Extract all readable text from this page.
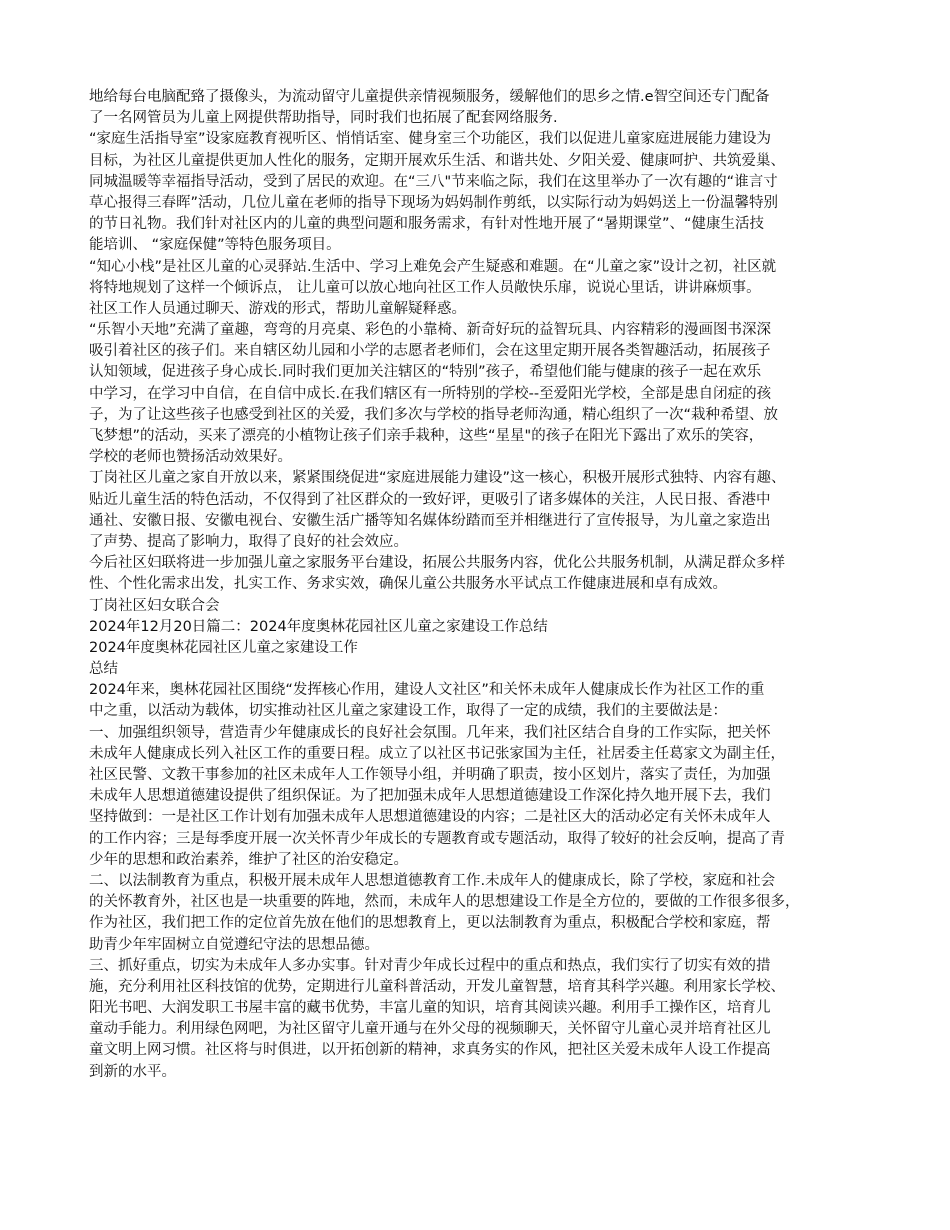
地给每台电脑配臵了摄像头，为流动留守儿童提供亲情视频服务，缓解他们的思乡之情.e智空间还专门配备
了一名网管员为儿童上网提供帮助指导，同时我们也拓展了配套网络服务.
“家庭生活指导室”设家庭教育视听区、悄悄话室、健身室三个功能区，我们以促进儿童家庭进展能力建设为
目标，为社区儿童提供更加人性化的服务，定期开展欢乐生活、和谐共处、夕阳关爱、健康呵护、共筑爱巢、
同城温暖等幸福指导活动，受到了居民的欢迎。在“三八"节来临之际，我们在这里举办了一次有趣的“谁言寸
草心报得三春晖”活动，几位儿童在老师的指导下现场为妈妈制作剪纸，以实际行动为妈妈送上一份温馨特别
的节日礼物。我们针对社区内的儿童的典型问题和服务需求，有针对性地开展了“暑期课堂”、“健康生活技
能培训、 “家庭保健”等特色服务项目。
“知心小栈”是社区儿童的心灵驿站.生活中、学习上难免会产生疑惑和难题。在“儿童之家”设计之初，社区就
将特地规划了这样一个倾诉点， 让儿童可以放心地向社区工作人员敞快乐扉，说说心里话，讲讲麻烦事。
社区工作人员通过聊天、游戏的形式，帮助儿童解疑释惑。
“乐智小天地”充满了童趣，弯弯的月亮桌、彩色的小靠椅、新奇好玩的益智玩具、内容精彩的漫画图书深深
吸引着社区的孩子们。来自辖区幼儿园和小学的志愿者老师们，会在这里定期开展各类智趣活动，拓展孩子
认知领域，促进孩子身心成长.同时我们更加关注辖区的“特别”孩子，希望他们能与健康的孩子一起在欢乐
中学习，在学习中自信，在自信中成长.在我们辖区有一所特别的学校--至爱阳光学校，全部是患自闭症的孩
子，为了让这些孩子也感受到社区的关爱，我们多次与学校的指导老师沟通，精心组织了一次“栽种希望、放
飞梦想”的活动，买来了漂亮的小植物让孩子们亲手栽种，这些“星星"的孩子在阳光下露出了欢乐的笑容，
学校的老师也赞扬活动效果好。
丁岗社区儿童之家自开放以来，紧紧围绕促进“家庭进展能力建设”这一核心，积极开展形式独特、内容有趣、
贴近儿童生活的特色活动，不仅得到了社区群众的一致好评，更吸引了诸多媒体的关注，人民日报、香港中
通社、安徽日报、安徽电视台、安徽生活广播等知名媒体纷踏而至并相继进行了宣传报导，为儿童之家造出
了声势、提高了影响力，取得了良好的社会效应。
今后社区妇联将进一步加强儿童之家服务平台建设，拓展公共服务内容，优化公共服务机制，从满足群众多样
性、个性化需求出发，扎实工作、务求实效，确保儿童公共服务水平试点工作健康进展和卓有成效。
丁岗社区妇女联合会
2024年12月20日篇二：2024年度奥林花园社区儿童之家建设工作总结
2024年度奥林花园社区儿童之家建设工作
总结
2024年来，奥林花园社区围绕“发挥核心作用，建设人文社区”和关怀未成年人健康成长作为社区工作的重
中之重，以活动为载体，切实推动社区儿童之家建设工作，取得了一定的成绩，我们的主要做法是：
一、加强组织领导，营造青少年健康成长的良好社会氛围。几年来，我们社区结合自身的工作实际，把关怀
未成年人健康成长列入社区工作的重要日程。成立了以社区书记张家国为主任，社居委主任葛家文为副主任，
社区民警、文教干事参加的社区未成年人工作领导小组，并明确了职责，按小区划片，落实了责任，为加强
未成年人思想道德建设提供了组织保证。为了把加强未成年人思想道德建设工作深化持久地开展下去，我们
坚持做到：一是社区工作计划有加强未成年人思想道德建设的内容；二是社区大的活动必定有关怀未成年人
的工作内容；三是每季度开展一次关怀青少年成长的专题教育或专题活动，取得了较好的社会反响，提高了青
少年的思想和政治素养，维护了社区的治安稳定。
二、以法制教育为重点，积极开展未成年人思想道德教育工作.未成年人的健康成长，除了学校，家庭和社会
的关怀教育外，社区也是一块重要的阵地，然而，未成年人的思想建设工作是全方位的，要做的工作很多很多，
作为社区，我们把工作的定位首先放在他们的思想教育上，更以法制教育为重点，积极配合学校和家庭，帮
助青少年牢固树立自觉遵纪守法的思想品德。
三、抓好重点，切实为未成年人多办实事。针对青少年成长过程中的重点和热点，我们实行了切实有效的措
施，充分利用社区科技馆的优势，定期进行儿童科普活动，开发儿童智慧，培育其科学兴趣。利用家长学校、
阳光书吧、大润发职工书屋丰富的藏书优势，丰富儿童的知识，培育其阅读兴趣。利用手工操作区，培育儿
童动手能力。利用绿色网吧，为社区留守儿童开通与在外父母的视频聊天，关怀留守儿童心灵并培育社区儿
童文明上网习惯。社区将与时俱进，以开拓创新的精神，求真务实的作风，把社区关爱未成年人设工作提高
到新的水平。
